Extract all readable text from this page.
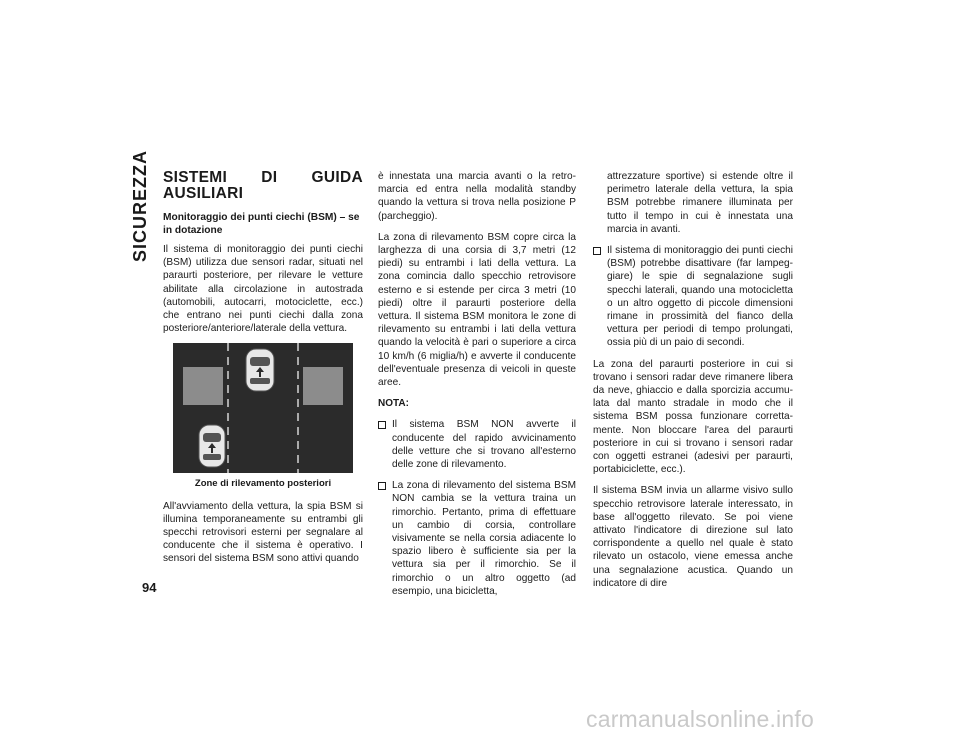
SICUREZZA
94
SISTEMI DI GUIDA AUSILIARI
Monitoraggio dei punti ciechi (BSM) – se in dotazione

Il sistema di monitoraggio dei punti ciechi (BSM) utilizza due sensori radar, situati nel paraurti posteriore, per rilevare le vetture abilitate alla circolazione in autostrada (automobili, autocarri, motociclette, ecc.) che entrano nei punti ciechi dalla zona posteriore/anteriore/laterale della vettura.

Zone di rilevamento posteriori

All'avviamento della vettura, la spia BSM si illumina temporaneamente su entrambi gli specchi retrovisori esterni per segnalare al conducente che il sistema è operativo. I sensori del sistema BSM sono attivi quando

è innestata una marcia avanti o la retromarcia ed entra nella modalità standby quando la vettura si trova nella posizione P (parcheggio).

La zona di rilevamento BSM copre circa la larghezza di una corsia di 3,7 metri (12 piedi) su entrambi i lati della vettura. La zona comincia dallo specchio retrovisore esterno e si estende per circa 3 metri (10 piedi) oltre il paraurti posteriore della vettura. Il sistema BSM monitora le zone di rilevamento su entrambi i lati della vettura quando la velocità è pari o superiore a circa 10 km/h (6 miglia/h) e avverte il conducente dell'eventuale presenza di veicoli in queste aree.

NOTA:
Il sistema BSM NON avverte il conducente del rapido avvicinamento delle vetture che si trovano all'esterno delle zone di rilevamento.
La zona di rilevamento del sistema BSM NON cambia se la vettura traina un rimorchio. Pertanto, prima di effettuare un cambio di corsia, controllare visivamente se nella corsia adiacente lo spazio libero è sufficiente sia per la vettura sia per il rimorchio. Se il rimorchio o un altro oggetto (ad esempio, una bicicletta,
attrezzature sportive) si estende oltre il perimetro laterale della vettura, la spia BSM potrebbe rimanere illuminata per tutto il tempo in cui è innestata una marcia in avanti.
Il sistema di monitoraggio dei punti ciechi (BSM) potrebbe disattivare (far lampeggiare) le spie di segnalazione sugli specchi laterali, quando una motocicletta o un altro oggetto di piccole dimensioni rimane in prossimità del fianco della vettura per periodi di tempo prolungati, ossia più di un paio di secondi.

La zona del paraurti posteriore in cui si trovano i sensori radar deve rimanere libera da neve, ghiaccio e dalla sporcizia accumulata dal manto stradale in modo che il sistema BSM possa funzionare correttamente. Non bloccare l'area del paraurti posteriore in cui si trovano i sensori radar con oggetti estranei (adesivi per paraurti, portabiciclette, ecc.).

Il sistema BSM invia un allarme visivo sullo specchio retrovisore laterale interessato, in base all'oggetto rilevato. Se poi viene attivato l'indicatore di direzione sul lato corrispondente a quello nel quale è stato rilevato un ostacolo, viene emessa anche una segnalazione acustica. Quando un indicatore di dire

carmanualsonline.info
